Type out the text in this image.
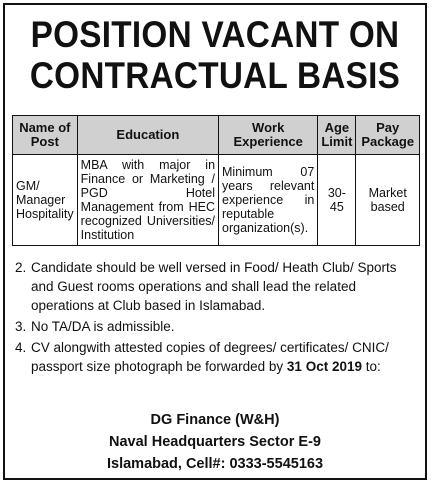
POSITION VACANT ON
CONTRACTUAL BASIS
Name of Post	Education	Work Experience	Age Limit	Pay Package
GM/ Manager Hospitality	MBA with major in Finance or Marketing / PGD Hotel Management from HEC recognized Universities/ Institution	Minimum 07 years relevant experience in reputable organization(s).	30-45	Market based
2. Candidate should be well versed in Food/ Heath Club/ Sports and Guest rooms operations and shall lead the related operations at Club based in Islamabad.
3. No TA/DA is admissible.
4. CV alongwith attested copies of degrees/ certificates/ CNIC/ passport size photograph be forwarded by 31 Oct 2019 to:
DG Finance (W&H)
Naval Headquarters Sector E-9
Islamabad, Cell#: 0333-5545163
